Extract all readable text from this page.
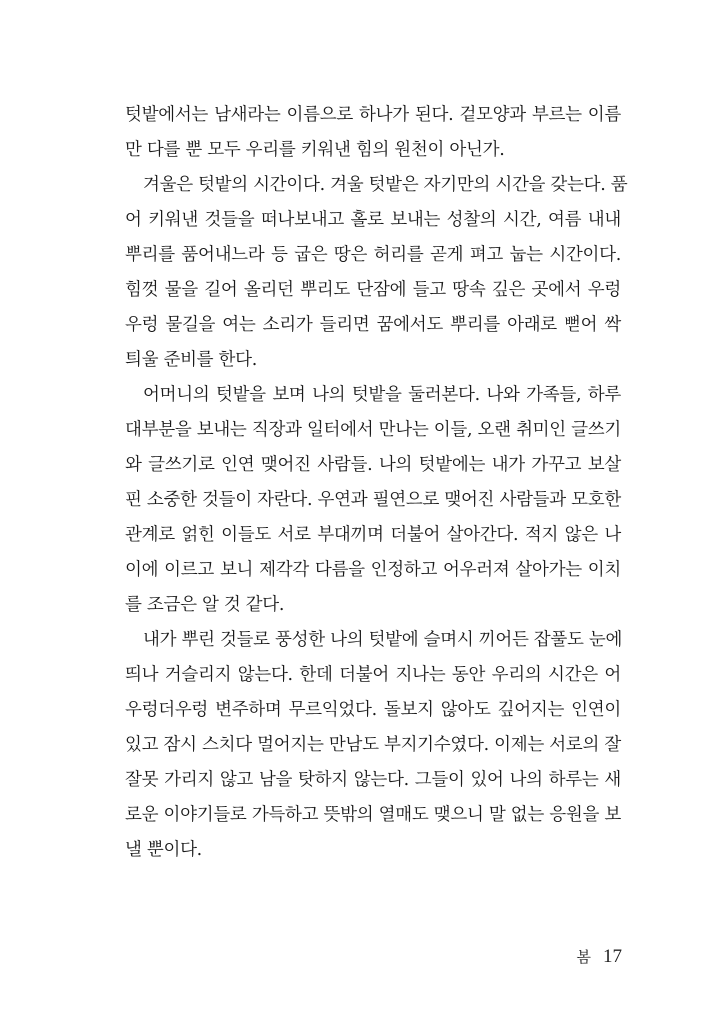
텃밭에서는 남새라는 이름으로 하나가 된다. 겉모양과 부르는 이름
만 다를 뿐 모두 우리를 키워낸 힘의 원천이 아닌가.
겨울은 텃밭의 시간이다. 겨울 텃밭은 자기만의 시간을 갖는다. 품
어 키워낸 것들을 떠나보내고 홀로 보내는 성찰의 시간, 여름 내내
뿌리를 품어내느라 등 굽은 땅은 허리를 곧게 펴고 눕는 시간이다.
힘껏 물을 길어 올리던 뿌리도 단잠에 들고 땅속 깊은 곳에서 우렁
우렁 물길을 여는 소리가 들리면 꿈에서도 뿌리를 아래로 뻗어 싹
틔울 준비를 한다.
어머니의 텃밭을 보며 나의 텃밭을 둘러본다. 나와 가족들, 하루
대부분을 보내는 직장과 일터에서 만나는 이들, 오랜 취미인 글쓰기
와 글쓰기로 인연 맺어진 사람들. 나의 텃밭에는 내가 가꾸고 보살
핀 소중한 것들이 자란다. 우연과 필연으로 맺어진 사람들과 모호한
관계로 얽힌 이들도 서로 부대끼며 더불어 살아간다. 적지 않은 나
이에 이르고 보니 제각각 다름을 인정하고 어우러져 살아가는 이치
를 조금은 알 것 같다.
내가 뿌린 것들로 풍성한 나의 텃밭에 슬며시 끼어든 잡풀도 눈에
띄나 거슬리지 않는다. 한데 더불어 지나는 동안 우리의 시간은 어
우렁더우렁 변주하며 무르익었다. 돌보지 않아도 깊어지는 인연이
있고 잠시 스치다 멀어지는 만남도 부지기수였다. 이제는 서로의 잘
잘못 가리지 않고 남을 탓하지 않는다. 그들이 있어 나의 하루는 새
로운 이야기들로 가득하고 뜻밖의 열매도 맺으니 말 없는 응원을 보
낼 뿐이다.
봄 17
